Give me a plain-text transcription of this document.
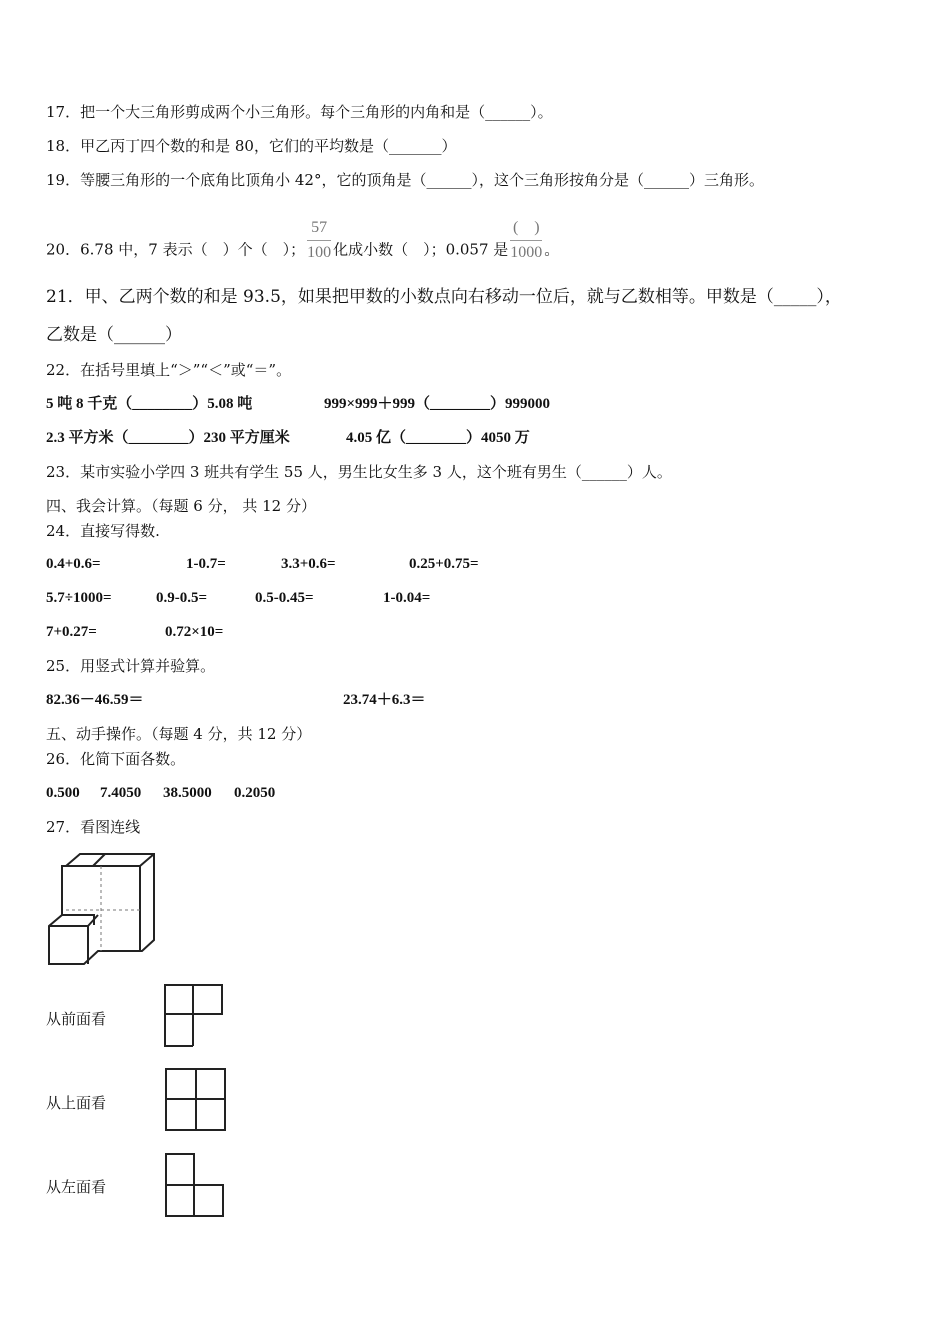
17．把一个大三角形剪成两个小三角形。每个三角形的内角和是（______）。
18．甲乙丙丁四个数的和是 80，它们的平均数是（_______）
19．等腰三角形的一个底角比顶角小 42°，它的顶角是（______），这个三角形按角分是（______）三角形。
20．6.78 中，7 表示（　）个（　）； $\frac{57}{100}$ 化成小数（　）；0.057 是 $\frac{( )}{1000}$ 。
21．甲、乙两个数的和是 93.5，如果把甲数的小数点向右移动一位后，就与乙数相等。甲数是（_____），
乙数是（______）
22．在括号里填上“＞”“＜”或“＝”。
5 吨 8 千克（________）5.08 吨	999×999＋999（________）999000
2.3 平方米（________）230 平方厘米	4.05 亿（________）4050 万
23．某市实验小学四 3 班共有学生 55 人，男生比女生多 3 人，这个班有男生（______）人。
四、我会计算。（每题 6 分， 共 12 分）
24．直接写得数.
0.4+0.6=	1-0.7=	3.3+0.6=	0.25+0.75=
5.7÷1000=	0.9-0.5=	0.5-0.45=	1-0.04=
7+0.27=	0.72×10=
25．用竖式计算并验算。
82.36－46.59＝	23.74＋6.3＝
五、动手操作。（每题 4 分，共 12 分）
26．化简下面各数。
0.500 7.4050 38.5000 0.2050
27．看图连线
从前面看
从上面看
从左面看
